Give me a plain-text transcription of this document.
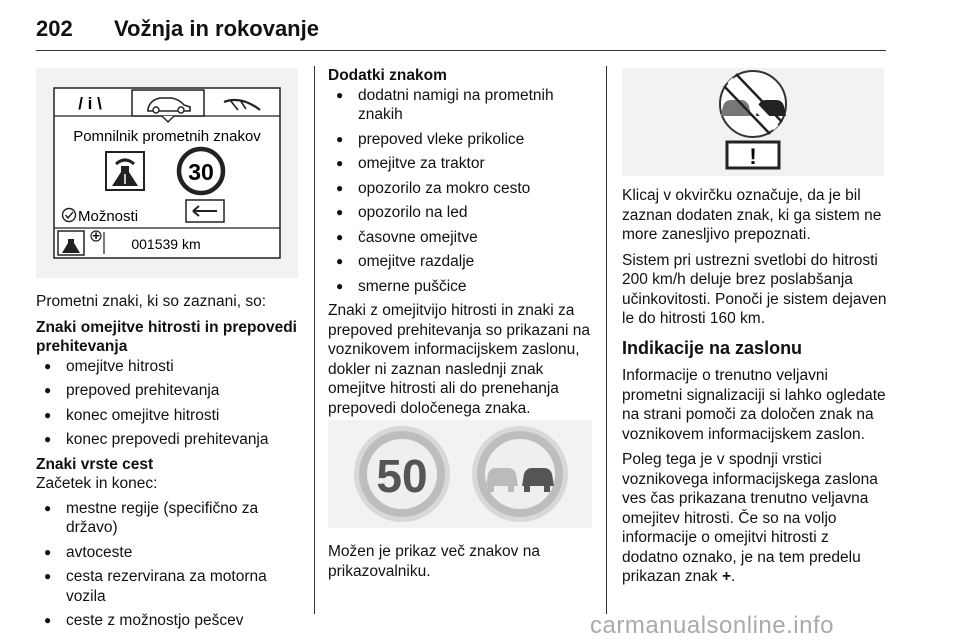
202 Vožnja in rokovanje
/ i \
Pomnilnik prometnih znakov
30
Možnosti
+
001539 km

Prometni znaki, ki so zaznani, so:

Znaki omejitve hitrosti in prepovedi prehitevanja

● omejitve hitrosti
● prepoved prehitevanja
● konec omejitve hitrosti
● konec prepovedi prehitevanja

Znaki vrste cest

Začetek in konec:

● mestne regije (specifično za državo)
● avtoceste
● cesta rezervirana za motorna vozila
● ceste z možnostjo pešcev

Dodatki znakom

● dodatni namigi na prometnih znakih
● prepoved vleke prikolice
● omejitve za traktor
● opozorilo za mokro cesto
● opozorilo na led
● časovne omejitve
● omejitve razdalje
● smerne puščice

Znaki z omejitvijo hitrosti in znaki za prepoved prehitevanja so prikazani na voznikovem informacijskem zaslonu, dokler ni zaznan naslednji znak omejitve hitrosti ali do prenehanja prepovedi določenega znaka.

50

Možen je prikaz več znakov na prikazovalniku.

!

Klicaj v okvirčku označuje, da je bil zaznan dodaten znak, ki ga sistem ne more zanesljivo prepoznati.

Sistem pri ustrezni svetlobi do hitrosti 200 km/h deluje brez poslabšanja učinkovitosti. Ponoči je sistem dejaven le do hitrosti 160 km.

Indikacije na zaslonu

Informacije o trenutno veljavni prometni signalizaciji si lahko ogledate na strani pomoči za določen znak na voznikovem informacijskem zaslon.

Poleg tega je v spodnji vrstici voznikovega informacijskega zaslona ves čas prikazana trenutno veljavna omejitev hitrosti. Če so na voljo informacije o omejitvi hitrosti z dodatno oznako, je na tem predelu prikazan znak +.

carmanualsonline.info
